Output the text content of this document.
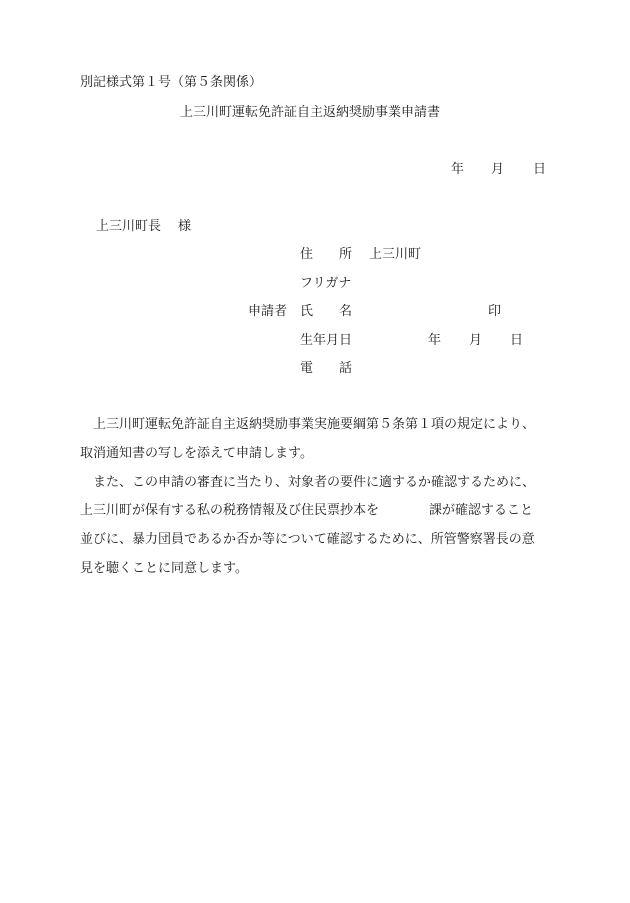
別記様式第１号（第５条関係）
上三川町運転免許証自主返納奨励事業申請書
年 月 日
上三川町長 様
住　　所 上三川町
フリガナ
申請者 氏　　名	印
生年月日	年 月 日
電　　話
上三川町運転免許証自主返納奨励事業実施要綱第５条第１項の規定により、
取消通知書の写しを添えて申請します。
また、この申請の審査に当たり、対象者の要件に適するか確認するために、
上三川町が保有する私の税務情報及び住民票抄本を	課が確認すること
並びに、暴力団員であるか否か等について確認するために、所管警察署長の意
見を聴くことに同意します。
